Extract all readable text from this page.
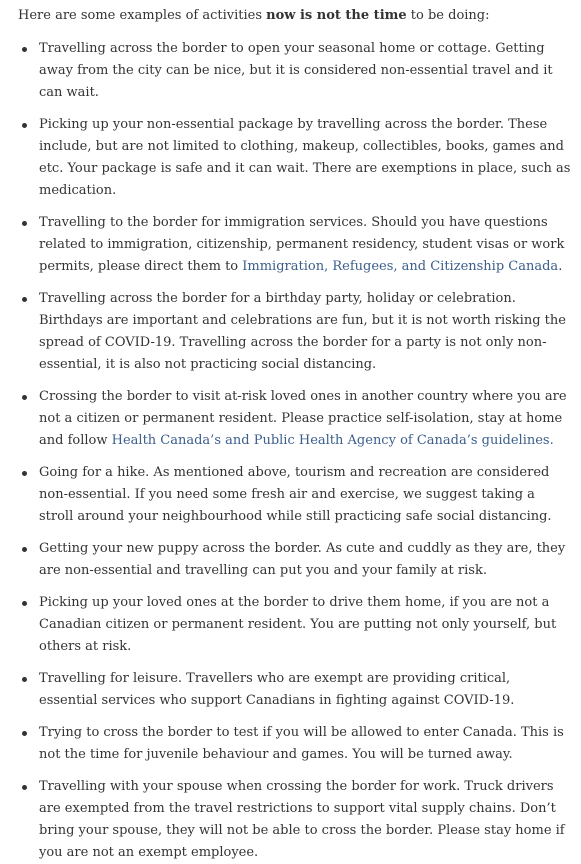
Here are some examples of activities now is not the time to be doing:

Travelling across the border to open your seasonal home or cottage. Getting away from the city can be nice, but it is considered non-essential travel and it can wait.
Picking up your non-essential package by travelling across the border. These include, but are not limited to clothing, makeup, collectibles, books, games and etc. Your package is safe and it can wait. There are exemptions in place, such as medication.
Travelling to the border for immigration services. Should you have questions related to immigration, citizenship, permanent residency, student visas or work permits, please direct them to Immigration, Refugees, and Citizenship Canada.
Travelling across the border for a birthday party, holiday or celebration. Birthdays are important and celebrations are fun, but it is not worth risking the spread of COVID-19. Travelling across the border for a party is not only non-essential, it is also not practicing social distancing.
Crossing the border to visit at-risk loved ones in another country where you are not a citizen or permanent resident. Please practice self-isolation, stay at home and follow Health Canada’s and Public Health Agency of Canada’s guidelines.
Going for a hike. As mentioned above, tourism and recreation are considered non-essential. If you need some fresh air and exercise, we suggest taking a stroll around your neighbourhood while still practicing safe social distancing.
Getting your new puppy across the border. As cute and cuddly as they are, they are non-essential and travelling can put you and your family at risk.
Picking up your loved ones at the border to drive them home, if you are not a Canadian citizen or permanent resident. You are putting not only yourself, but others at risk.
Travelling for leisure. Travellers who are exempt are providing critical, essential services who support Canadians in fighting against COVID-19.
Trying to cross the border to test if you will be allowed to enter Canada. This is not the time for juvenile behaviour and games. You will be turned away.
Travelling with your spouse when crossing the border for work. Truck drivers are exempted from the travel restrictions to support vital supply chains. Don’t bring your spouse, they will not be able to cross the border. Please stay home if you are not an exempt employee.
